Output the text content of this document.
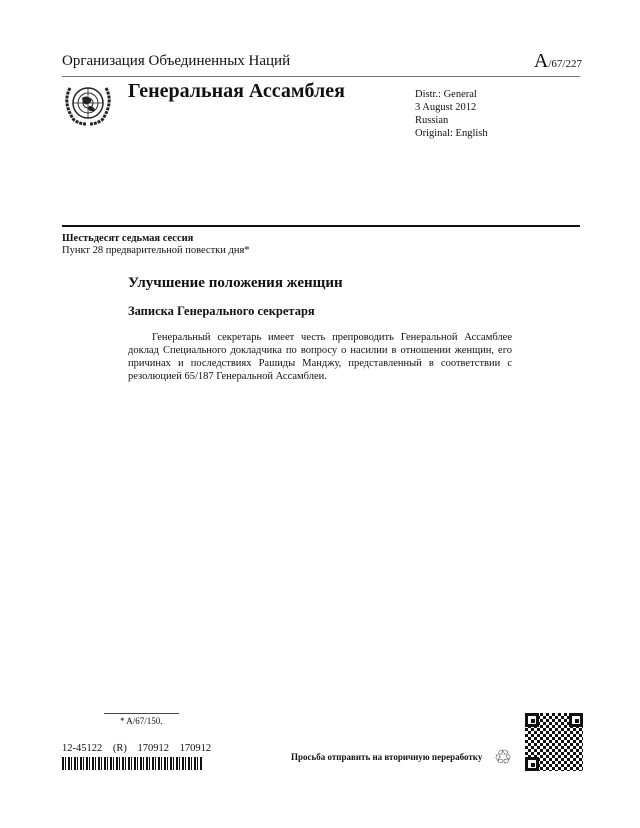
Организация Объединенных Наций	A/67/227
Генеральная Ассамблея	Distr.: General
3 August 2012
Russian
Original: English
Шестьдесят седьмая сессия
Пункт 28 предварительной повестки дня*
Улучшение положения женщин
Записка Генерального секретаря
Генеральный секретарь имеет честь препроводить Генеральной Ассамблее доклад Специального докладчика по вопросу о насилии в отношении женщин, его причинах и последствиях Рашиды Манджу, представленный в соответствии с резолюцией 65/187 Генеральной Ассамблеи.
* A/67/150.
12-45122 (R) 170912 170912
Просьба отправить на вторичную переработку ♲
